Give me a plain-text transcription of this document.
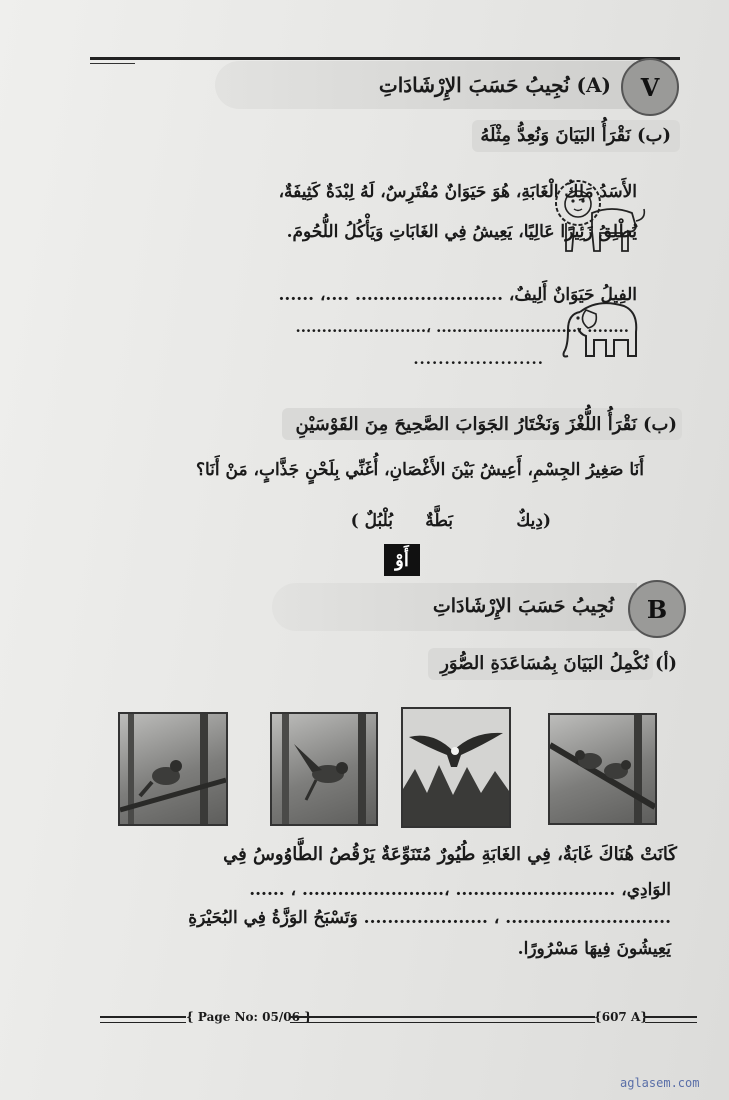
V
(A) نُجِيبُ حَسَبَ الإِرْشَادَاتِ
(ب) نَقْرَأُ البَيَانَ وَنُعِدُّ مِثْلَهُ
الأَسَدُ مَلِكُ الْغَابَةِ، هُوَ حَيَوَانٌ مُفْتَرِسٌ، لَهُ لِبْدَةٌ كَثِيفَةٌ،
يُطْلِقُ زَئِيرًا عَالِيًا، يَعِيشُ فِي الغَابَاتِ وَيَأْكُلُ اللُّحُومَ.
الفِيلُ حَيَوَانٌ أَلِيفٌ، ......................... ....، ......
........ ،........................... ،.........................
.....................
(ب) نَقْرَأُ اللُّغْزَ وَنَخْتَارُ الجَوَابَ الصَّحِيحَ مِنَ القَوْسَيْنِ
أَنَا صَغِيرُ الجِسْمِ، أَعِيشُ بَيْنَ الأَغْصَانِ، أُغَنِّي بِلَحْنٍ جَذَّابٍ، مَنْ أَنَا؟
(دِيكٌ
بَطَّةٌ
بُلْبُلٌ )
أَوْ
B
نُجِيبُ حَسَبَ الإِرْشَادَاتِ
(أ) نُكْمِلُ البَيَانَ بِمُسَاعَدَةِ الصُّوَرِ
كَانَتْ هُنَاكَ غَابَةٌ، فِي الغَابَةِ طُيُورٌ مُتَنَوِّعَةٌ يَرْقُصُ الطَّاوُوسُ فِي
الوَادِي، ........................... ،........................ ، ......
............................ ، ..................... وَتَسْبَحُ الوَزَّةُ فِي البُحَيْرَةِ
يَعِيشُونَ فِيهَا مَسْرُورًا.
{ Page No: 05/06 }	{607 A}
aglasem.com
